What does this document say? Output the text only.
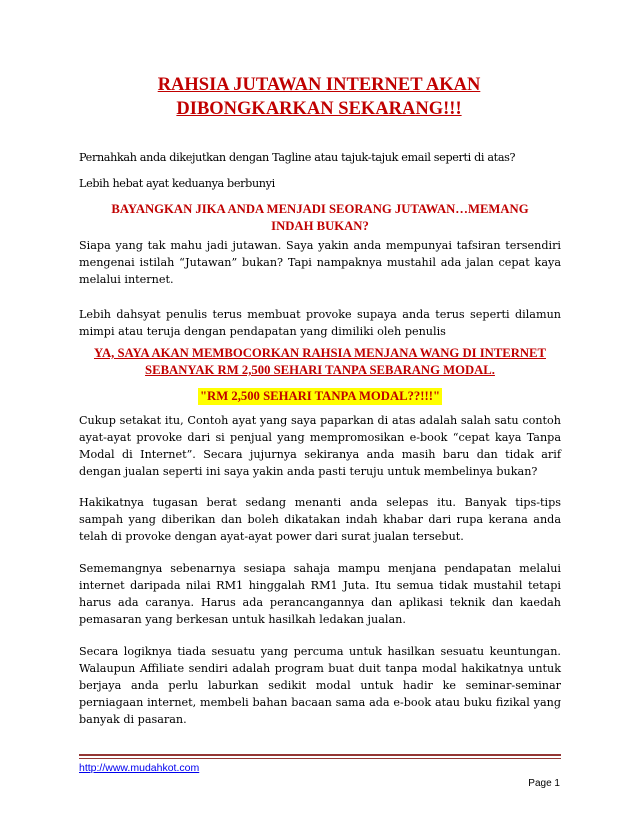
RAHSIA JUTAWAN INTERNET AKAN DIBONGKARKAN SEKARANG!!!
Pernahkah anda dikejutkan dengan Tagline atau tajuk-tajuk email seperti di atas?
Lebih hebat ayat keduanya berbunyi
BAYANGKAN JIKA ANDA MENJADI SEORANG JUTAWAN…MEMANG INDAH BUKAN?
Siapa yang tak mahu jadi jutawan. Saya yakin anda mempunyai tafsiran tersendiri mengenai istilah “Jutawan” bukan? Tapi nampaknya mustahil ada jalan cepat kaya melalui internet.
Lebih dahsyat penulis terus membuat provoke supaya anda terus seperti dilamun mimpi atau teruja dengan pendapatan yang dimiliki oleh penulis
YA, SAYA AKAN MEMBOCORKAN RAHSIA MENJANA WANG DI INTERNET SEBANYAK RM 2,500 SEHARI TANPA SEBARANG MODAL.
"RM 2,500 SEHARI TANPA MODAL??!!!"
Cukup setakat itu, Contoh ayat yang saya paparkan di atas adalah salah satu contoh ayat-ayat provoke dari si penjual yang mempromosikan e-book “cepat kaya Tanpa Modal di Internet”. Secara jujurnya sekiranya anda masih baru dan tidak arif dengan jualan seperti ini saya yakin anda pasti teruju untuk membelinya bukan?
Hakikatnya tugasan berat sedang menanti anda selepas itu. Banyak tips-tips sampah yang diberikan dan boleh dikatakan indah khabar dari rupa kerana anda telah di provoke dengan ayat-ayat power dari surat jualan tersebut.
Sememangnya sebenarnya sesiapa sahaja mampu menjana pendapatan melalui internet daripada nilai RM1 hinggalah RM1 Juta. Itu semua tidak mustahil tetapi harus ada caranya. Harus ada perancangannya dan aplikasi teknik dan kaedah pemasaran yang berkesan untuk hasilkah ledakan jualan.
Secara logiknya tiada sesuatu yang percuma untuk hasilkan sesuatu keuntungan. Walaupun Affiliate sendiri adalah program buat duit tanpa modal hakikatnya untuk berjaya anda perlu laburkan sedikit modal untuk hadir ke seminar-seminar perniagaan internet, membeli bahan bacaan sama ada e-book atau buku fizikal yang banyak di pasaran.
http://www.mudahkot.com
Page 1
